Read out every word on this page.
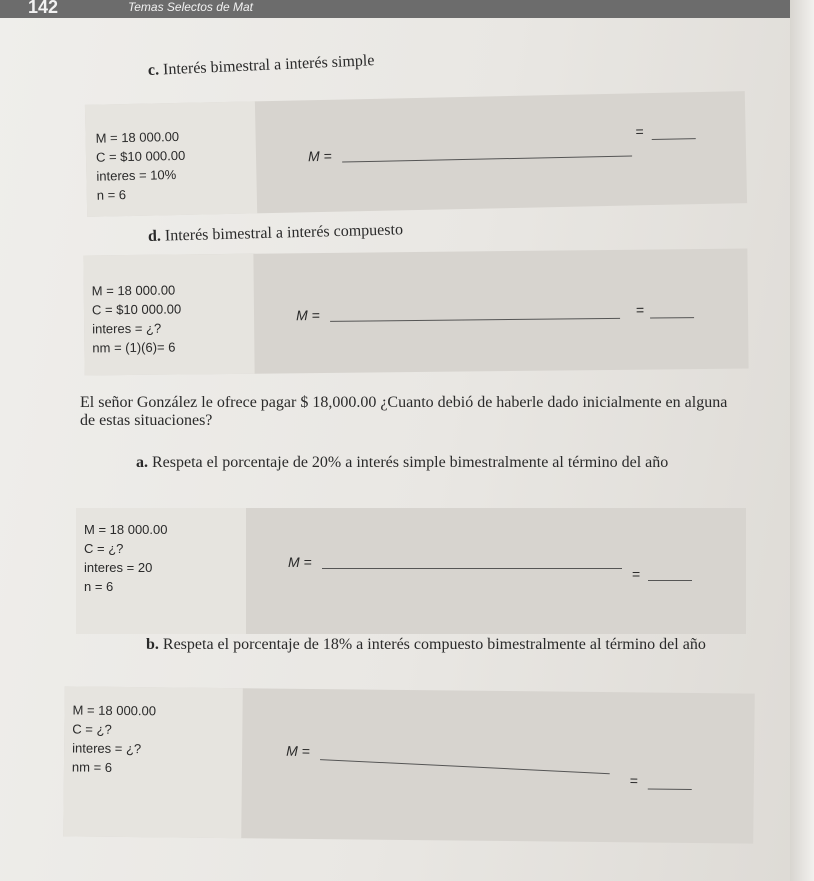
142	Temas Selectos de Mat
c. Interés bimestral a interés simple
M = 18 000.00
C = $10 000.00
interes = 10%
n = 6
M =
=
d. Interés bimestral a interés compuesto
M = 18 000.00
C = $10 000.00
interes = ¿?
nm = (1)(6)= 6
M =	=
El señor González le ofrece pagar $ 18,000.00 ¿Cuanto debió de haberle dado inicialmente en alguna de estas situaciones?
a. Respeta el porcentaje de 20% a interés simple bimestralmente al término del año
M = 18 000.00
C = ¿?
interes = 20
n = 6
M =
=
b. Respeta el porcentaje de 18% a interés compuesto bimestralmente al término del año
M = 18 000.00
C = ¿?
interes = ¿?
nm = 6
M =
=
